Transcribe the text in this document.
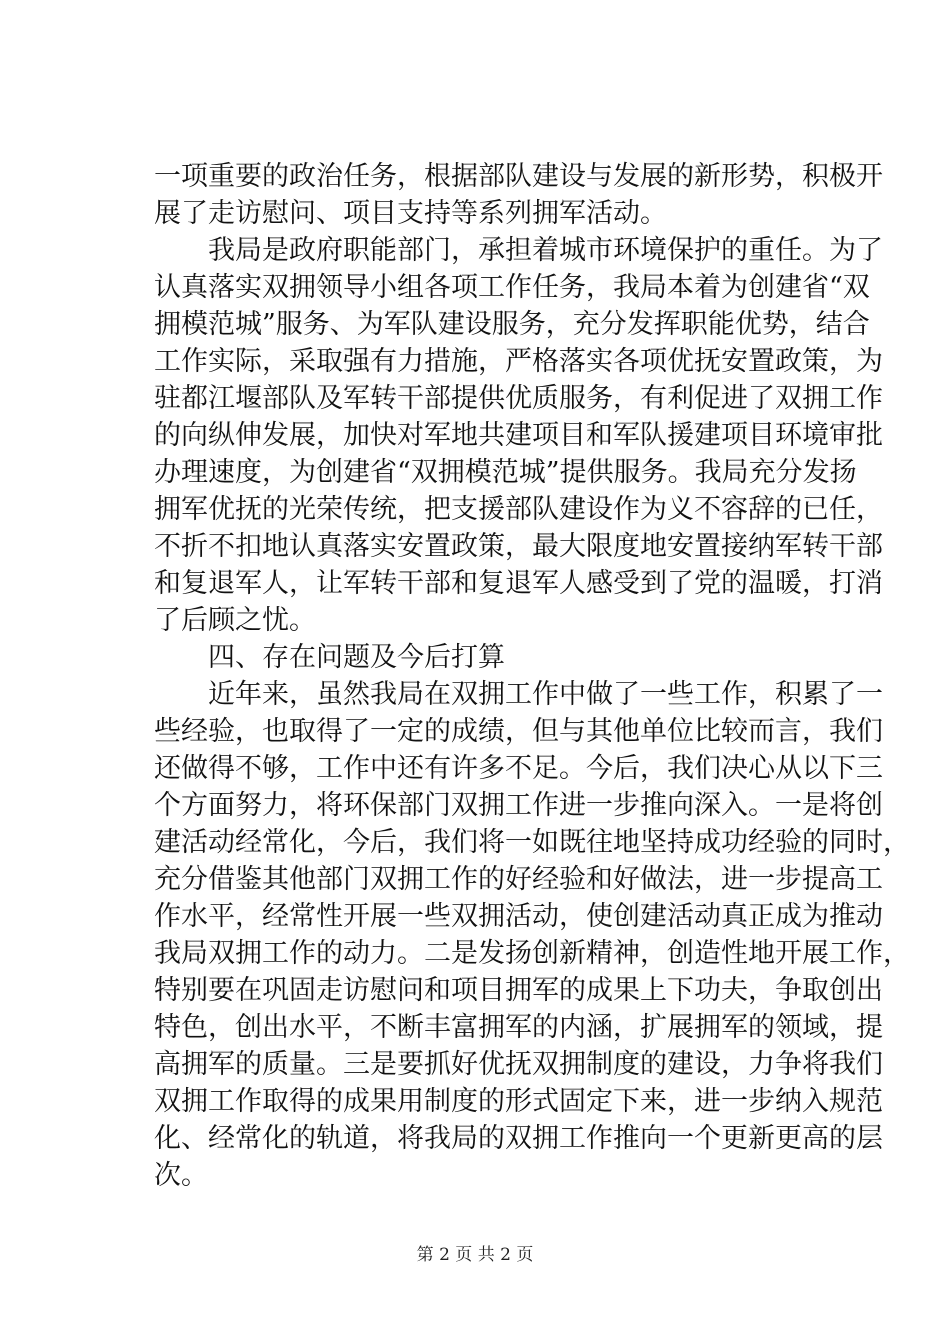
一项重要的政治任务，根据部队建设与发展的新形势，积极开
展了走访慰问、项目支持等系列拥军活动。
我局是政府职能部门，承担着城市环境保护的重任。为了
认真落实双拥领导小组各项工作任务，我局本着为创建省“双
拥模范城”服务、为军队建设服务，充分发挥职能优势，结合
工作实际，采取强有力措施，严格落实各项优抚安置政策，为
驻都江堰部队及军转干部提供优质服务，有利促进了双拥工作
的向纵伸发展，加快对军地共建项目和军队援建项目环境审批
办理速度，为创建省“双拥模范城”提供服务。我局充分发扬
拥军优抚的光荣传统，把支援部队建设作为义不容辞的已任，
不折不扣地认真落实安置政策，最大限度地安置接纳军转干部
和复退军人，让军转干部和复退军人感受到了党的温暖，打消
了后顾之忧。
四、存在问题及今后打算
近年来，虽然我局在双拥工作中做了一些工作，积累了一
些经验，也取得了一定的成绩，但与其他单位比较而言，我们
还做得不够，工作中还有许多不足。今后，我们决心从以下三
个方面努力，将环保部门双拥工作进一步推向深入。一是将创
建活动经常化，今后，我们将一如既往地坚持成功经验的同时，
充分借鉴其他部门双拥工作的好经验和好做法，进一步提高工
作水平，经常性开展一些双拥活动，使创建活动真正成为推动
我局双拥工作的动力。二是发扬创新精神，创造性地开展工作，
特别要在巩固走访慰问和项目拥军的成果上下功夫，争取创出
特色，创出水平，不断丰富拥军的内涵，扩展拥军的领域，提
高拥军的质量。三是要抓好优抚双拥制度的建设，力争将我们
双拥工作取得的成果用制度的形式固定下来，进一步纳入规范
化、经常化的轨道，将我局的双拥工作推向一个更新更高的层
次。
第 2 页 共 2 页
